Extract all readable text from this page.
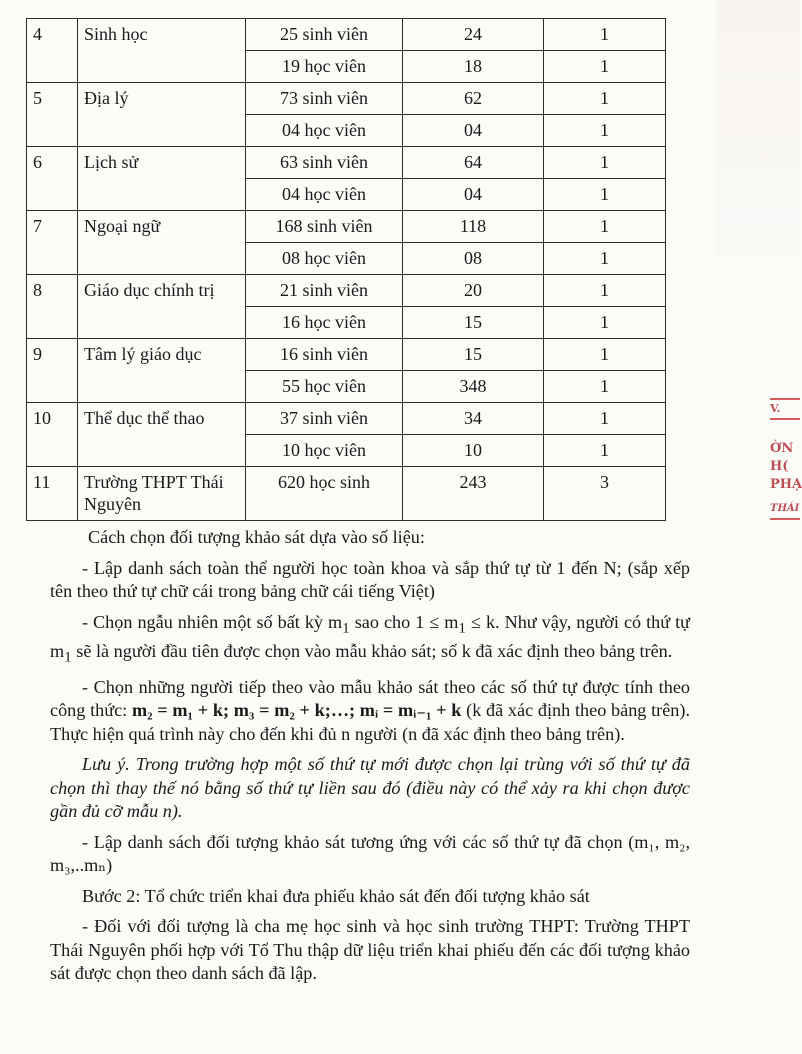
4	Sinh học	25 sinh viên	24	1
		19 học viên	18	1
5	Địa lý	73 sinh viên	62	1
		04 học viên	04	1
6	Lịch sử	63 sinh viên	64	1
		04 học viên	04	1
7	Ngoại ngữ	168 sinh viên	118	1
		08 học viên	08	1
8	Giáo dục chính trị	21 sinh viên	20	1
		16 học viên	15	1
9	Tâm lý giáo dục	16 sinh viên	15	1
		55 học viên	348	1
10	Thể dục thể thao	37 sinh viên	34	1
		10 học viên	10	1
11	Trường THPT Thái Nguyên	620 học sinh	243	3

Cách chọn đối tượng khảo sát dựa vào số liệu:

- Lập danh sách toàn thể người học toàn khoa và sắp thứ tự từ 1 đến N; (sắp xếp tên theo thứ tự chữ cái trong bảng chữ cái tiếng Việt)

- Chọn ngẫu nhiên một số bất kỳ $m_1$ sao cho $1 \le m_1 \le k$. Như vậy, người có thứ tự $m_1$ sẽ là người đầu tiên được chọn vào mẫu khảo sát; số k đã xác định theo bảng trên.

- Chọn những người tiếp theo vào mẫu khảo sát theo các số thứ tự được tính theo công thức: m₂ = m₁ + k; m₃ = m₂ + k;…; mᵢ = mᵢ₋₁ + k (k đã xác định theo bảng trên). Thực hiện quá trình này cho đến khi đủ n người (n đã xác định theo bảng trên).

Lưu ý. Trong trường hợp một số thứ tự mới được chọn lại trùng với số thứ tự đã chọn thì thay thế nó bằng số thứ tự liền sau đó (điều này có thể xảy ra khi chọn được gần đủ cỡ mẫu n).

- Lập danh sách đối tượng khảo sát tương ứng với các số thứ tự đã chọn (m₁, m₂, m₃,..mₙ)

Bước 2: Tổ chức triển khai đưa phiếu khảo sát đến đối tượng khảo sát

- Đối với đối tượng là cha mẹ học sinh và học sinh trường THPT: Trường THPT Thái Nguyên phối hợp với Tổ Thu thập dữ liệu triển khai phiếu đến các đối tượng khảo sát được chọn theo danh sách đã lập.

V.
ỜN
H(
PHẠ
THÁI
